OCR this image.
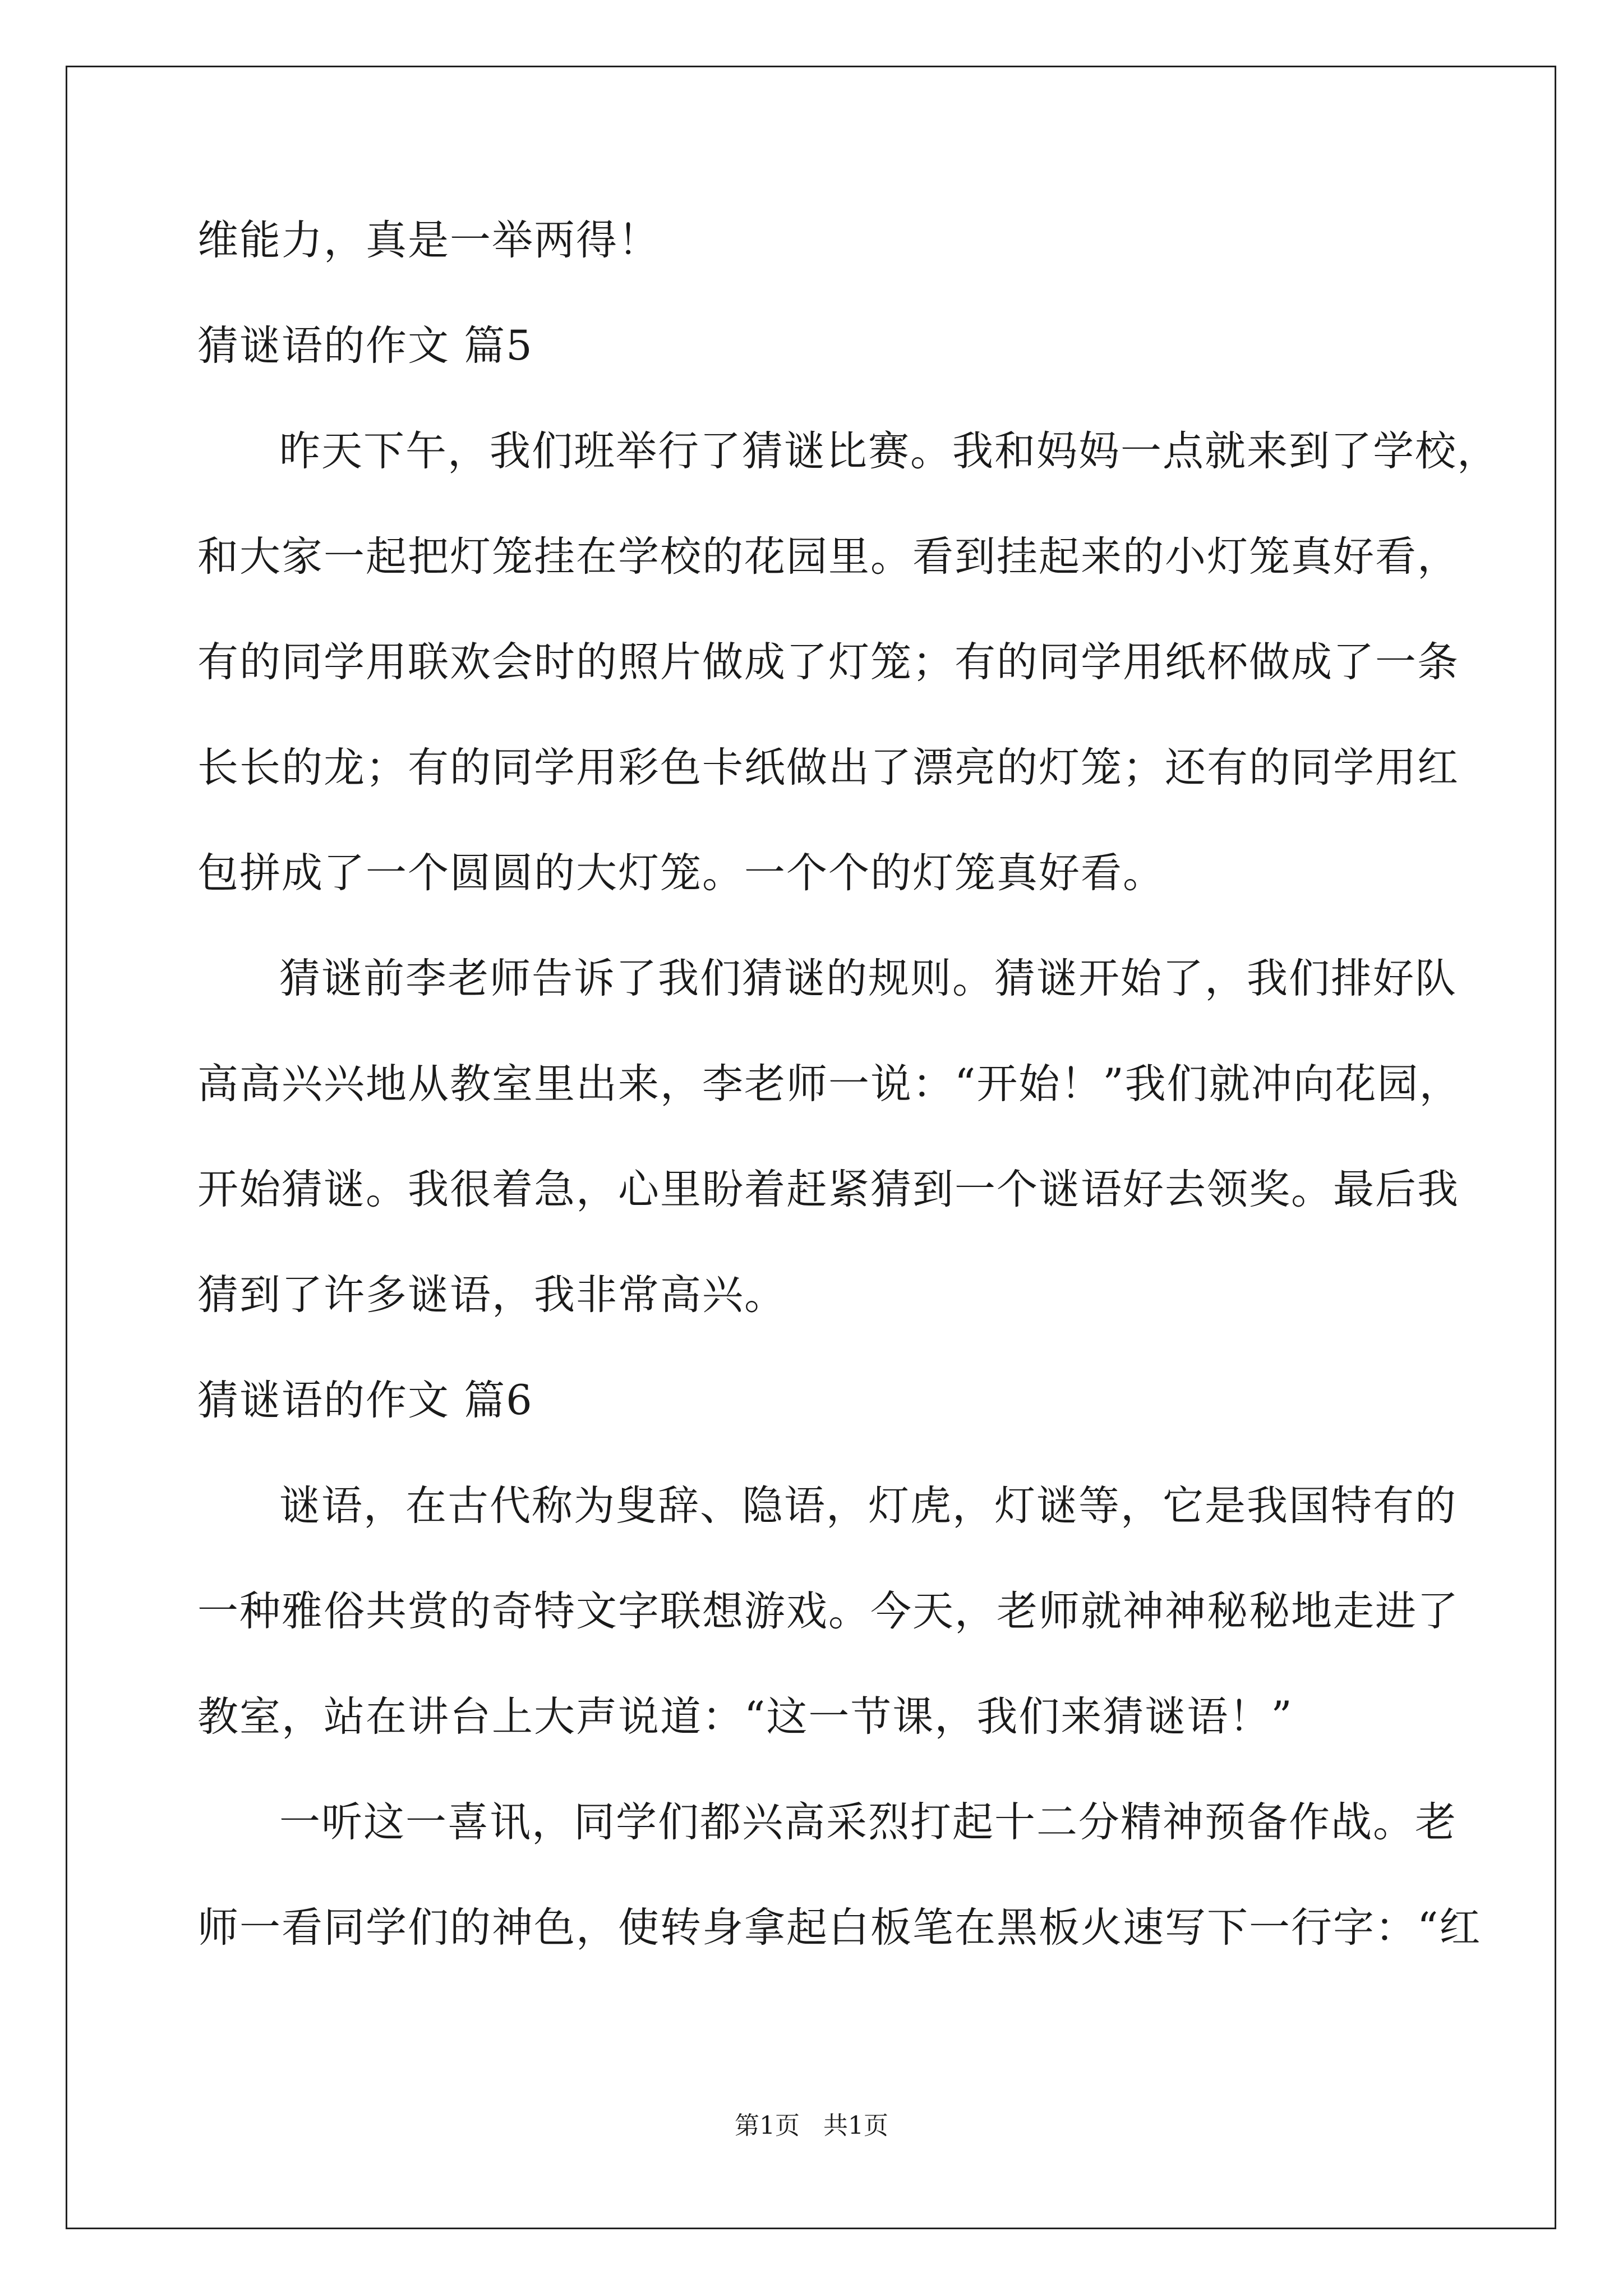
维能力，真是一举两得！

猜谜语的作文 篇5

昨天下午，我们班举行了猜谜比赛。我和妈妈一点就来到了学校，

和大家一起把灯笼挂在学校的花园里。看到挂起来的小灯笼真好看，

有的同学用联欢会时的照片做成了灯笼；有的同学用纸杯做成了一条

长长的龙；有的同学用彩色卡纸做出了漂亮的灯笼；还有的同学用红

包拼成了一个圆圆的大灯笼。一个个的灯笼真好看。

猜谜前李老师告诉了我们猜谜的规则。猜谜开始了，我们排好队

高高兴兴地从教室里出来，李老师一说：“开始！”我们就冲向花园，

开始猜谜。我很着急，心里盼着赶紧猜到一个谜语好去领奖。最后我

猜到了许多谜语，我非常高兴。

猜谜语的作文 篇6

谜语，在古代称为叟辞、隐语，灯虎，灯谜等，它是我国特有的

一种雅俗共赏的奇特文字联想游戏。今天，老师就神神秘秘地走进了

教室，站在讲台上大声说道：“这一节课，我们来猜谜语！”

一听这一喜讯，同学们都兴高采烈打起十二分精神预备作战。老

师一看同学们的神色，使转身拿起白板笔在黑板火速写下一行字：“红

第1页   共1页
